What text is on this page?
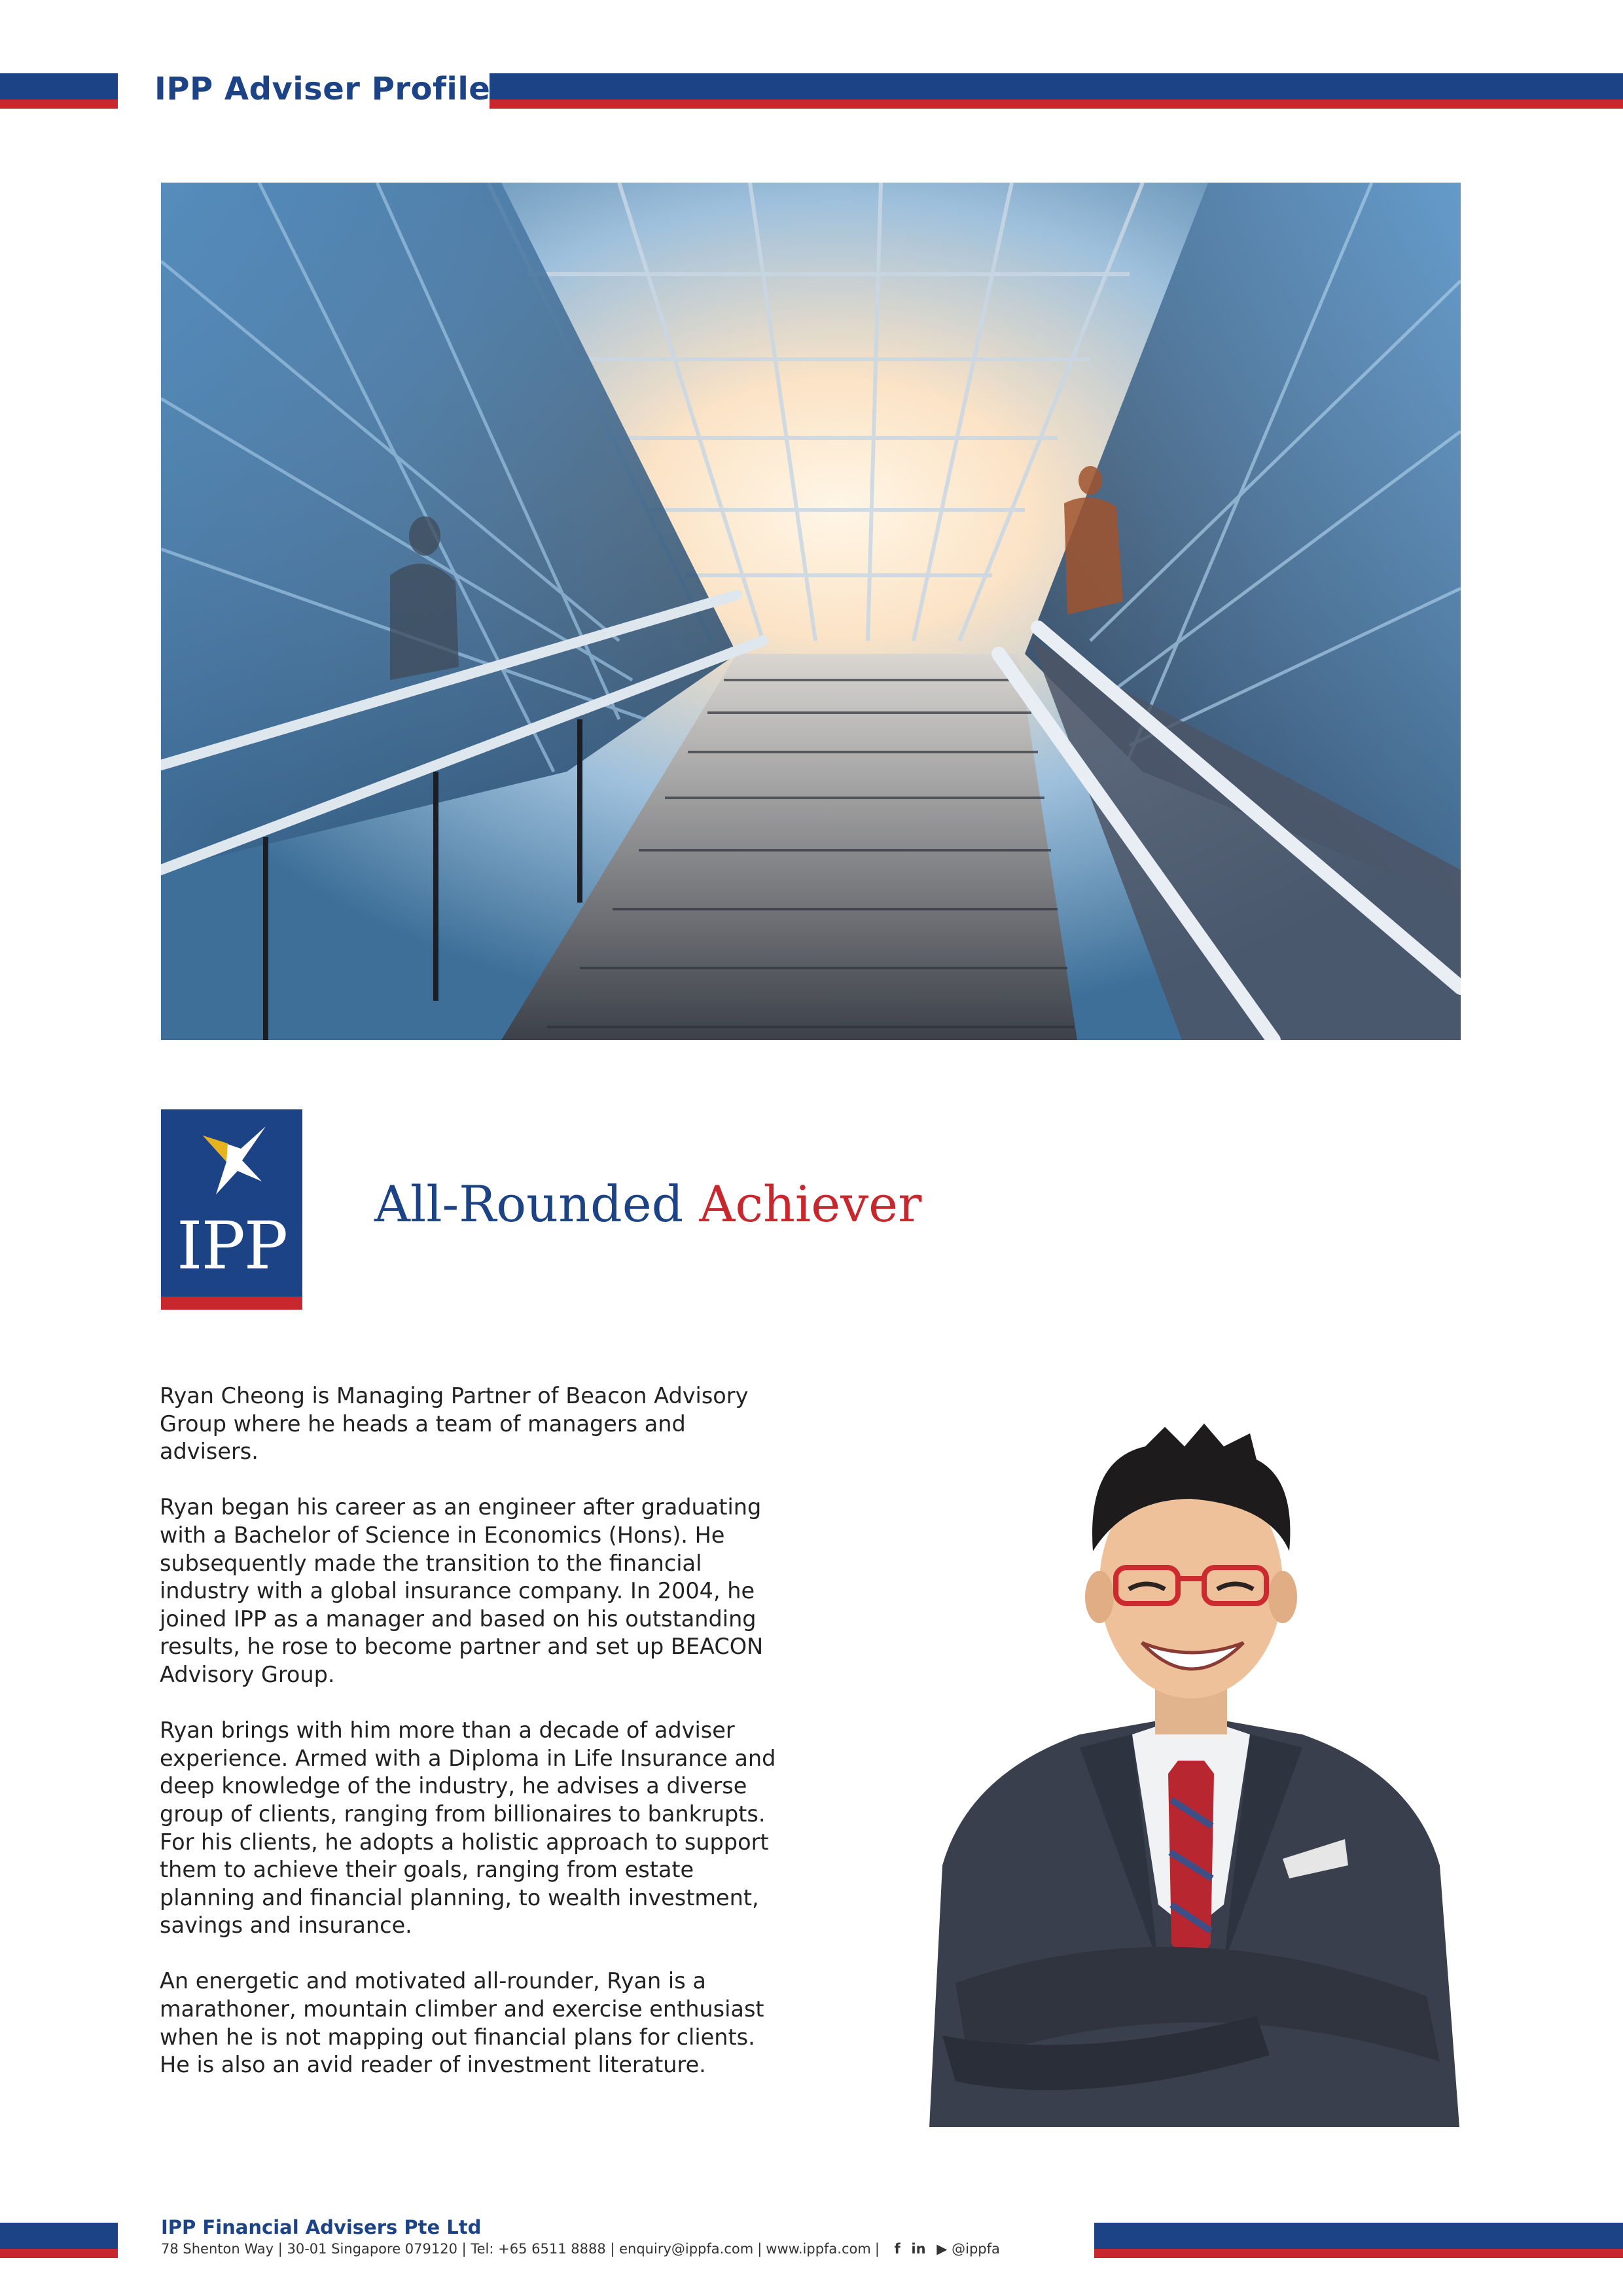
IPP Adviser Profile
IPP
All-Rounded Achiever

Ryan Cheong is Managing Partner of Beacon Advisory Group where he heads a team of managers and advisers.

Ryan began his career as an engineer after graduating with a Bachelor of Science in Economics (Hons). He subsequently made the transition to the financial industry with a global insurance company. In 2004, he joined IPP as a manager and based on his outstanding results, he rose to become partner and set up BEACON Advisory Group.

Ryan brings with him more than a decade of adviser experience. Armed with a Diploma in Life Insurance and deep knowledge of the industry, he advises a diverse group of clients, ranging from billionaires to bankrupts. For his clients, he adopts a holistic approach to support them to achieve their goals, ranging from estate planning and financial planning, to wealth investment, savings and insurance.

An energetic and motivated all-rounder, Ryan is a marathoner, mountain climber and exercise enthusiast when he is not mapping out financial plans for clients. He is also an avid reader of investment literature.

IPP Financial Advisers Pte Ltd
78 Shenton Way | 30-01 Singapore 079120 | Tel: +65 6511 8888 | enquiry@ippfa.com | www.ippfa.com | f in ▶ @ippfa
